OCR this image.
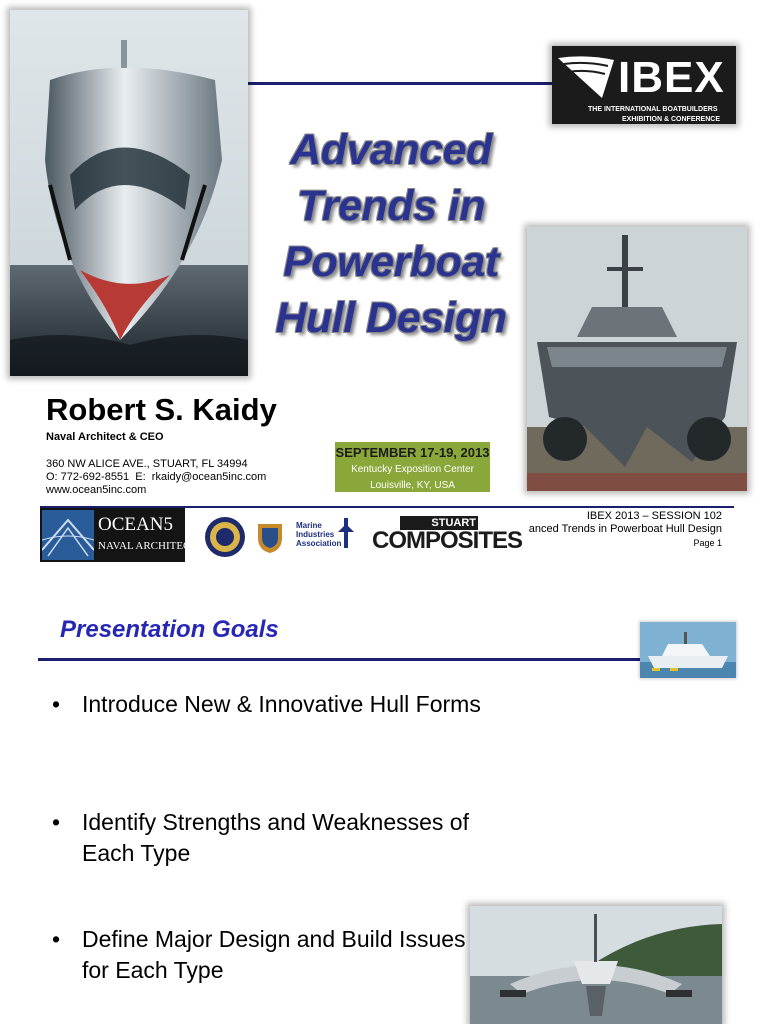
IBEX
THE INTERNATIONAL BOATBUILDERS
EXHIBITION & CONFERENCE
Advanced
Trends in
Powerboat
Hull Design
Robert S. Kaidy
Naval Architect & CEO
360 NW ALICE AVE., STUART, FL 34994
O: 772-692-8551  E:  rkaidy@ocean5inc.com
www.ocean5inc.com
SEPTEMBER 17-19, 2013
Kentucky Exposition Center
Louisville, KY, USA
OCEAN5
NAVAL ARCHITECTS
Marine
Industries
Association
STUART
COMPOSITES
IBEX 2013 – SESSION 102
anced Trends in Powerboat Hull Design
Page 1
Presentation Goals
• Introduce New & Innovative Hull Forms
• Identify Strengths and Weaknesses of Each Type
• Define Major Design and Build Issues for Each Type
